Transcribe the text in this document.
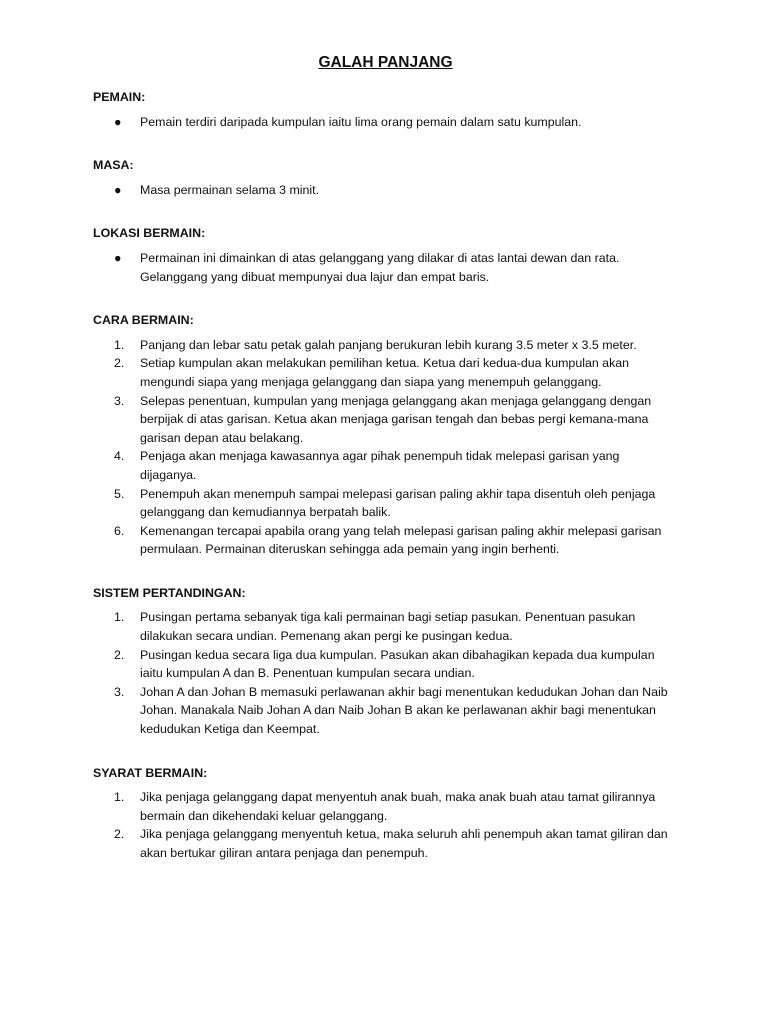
GALAH PANJANG
PEMAIN:
● Pemain terdiri daripada kumpulan iaitu lima orang pemain dalam satu kumpulan.
MASA:
● Masa permainan selama 3 minit.
LOKASI BERMAIN:
● Permainan ini dimainkan di atas gelanggang yang dilakar di atas lantai dewan dan rata. Gelanggang yang dibuat mempunyai dua lajur dan empat baris.
CARA BERMAIN:
1. Panjang dan lebar satu petak galah panjang berukuran lebih kurang 3.5 meter x 3.5 meter.
2. Setiap kumpulan akan melakukan pemilihan ketua. Ketua dari kedua-dua kumpulan akan mengundi siapa yang menjaga gelanggang dan siapa yang menempuh gelanggang.
3. Selepas penentuan, kumpulan yang menjaga gelanggang akan menjaga gelanggang dengan berpijak di atas garisan. Ketua akan menjaga garisan tengah dan bebas pergi kemana-mana garisan depan atau belakang.
4. Penjaga akan menjaga kawasannya agar pihak penempuh tidak melepasi garisan yang dijaganya.
5. Penempuh akan menempuh sampai melepasi garisan paling akhir tapa disentuh oleh penjaga gelanggang dan kemudiannya berpatah balik.
6. Kemenangan tercapai apabila orang yang telah melepasi garisan paling akhir melepasi garisan permulaan. Permainan diteruskan sehingga ada pemain yang ingin berhenti.
SISTEM PERTANDINGAN:
1. Pusingan pertama sebanyak tiga kali permainan bagi setiap pasukan. Penentuan pasukan dilakukan secara undian. Pemenang akan pergi ke pusingan kedua.
2. Pusingan kedua secara liga dua kumpulan. Pasukan akan dibahagikan kepada dua kumpulan iaitu kumpulan A dan B. Penentuan kumpulan secara undian.
3. Johan A dan Johan B memasuki perlawanan akhir bagi menentukan kedudukan Johan dan Naib Johan. Manakala Naib Johan A dan Naib Johan B akan ke perlawanan akhir bagi menentukan kedudukan Ketiga dan Keempat.
SYARAT BERMAIN:
1. Jika penjaga gelanggang dapat menyentuh anak buah, maka anak buah atau tamat gilirannya bermain dan dikehendaki keluar gelanggang.
2. Jika penjaga gelanggang menyentuh ketua, maka seluruh ahli penempuh akan tamat giliran dan akan bertukar giliran antara penjaga dan penempuh.
